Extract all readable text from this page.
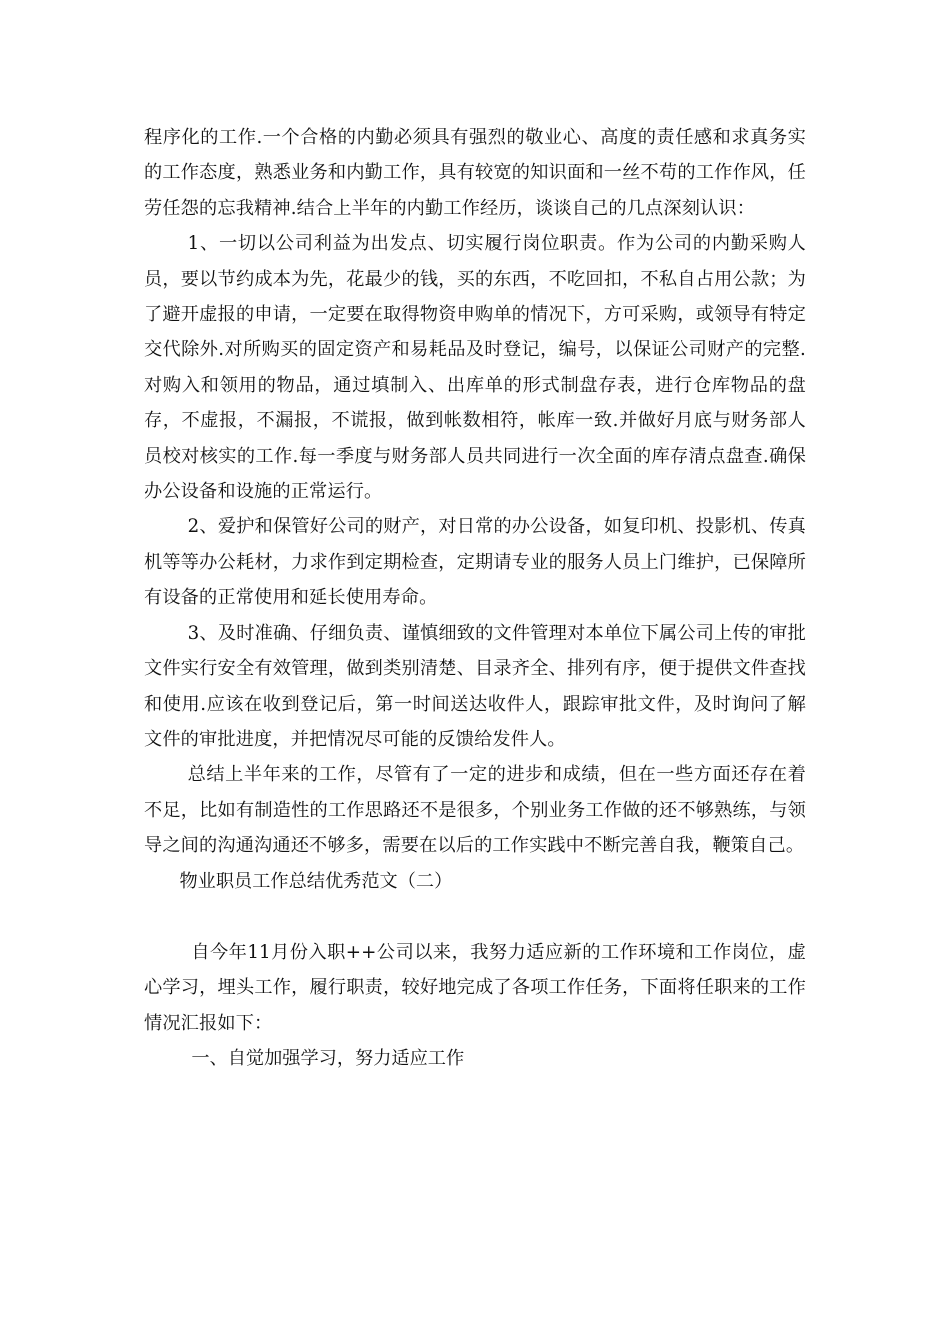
程序化的工作.一个合格的内勤必须具有强烈的敬业心、高度的责任感和求真务实的工作态度，熟悉业务和内勤工作，具有较宽的知识面和一丝不苟的工作作风，任劳任怨的忘我精神.结合上半年的内勤工作经历，谈谈自己的几点深刻认识：

1、一切以公司利益为出发点、切实履行岗位职责。作为公司的内勤采购人员，要以节约成本为先，花最少的钱，买的东西，不吃回扣，不私自占用公款；为了避开虚报的申请，一定要在取得物资申购单的情况下，方可采购，或领导有特定交代除外.对所购买的固定资产和易耗品及时登记，编号，以保证公司财产的完整.对购入和领用的物品，通过填制入、出库单的形式制盘存表，进行仓库物品的盘存，不虚报，不漏报，不谎报，做到帐数相符，帐库一致.并做好月底与财务部人员校对核实的工作.每一季度与财务部人员共同进行一次全面的库存清点盘查.确保办公设备和设施的正常运行。

2、爱护和保管好公司的财产，对日常的办公设备，如复印机、投影机、传真机等等办公耗材，力求作到定期检查，定期请专业的服务人员上门维护，已保障所有设备的正常使用和延长使用寿命。

3、及时准确、仔细负责、谨慎细致的文件管理对本单位下属公司上传的审批文件实行安全有效管理，做到类别清楚、目录齐全、排列有序，便于提供文件查找和使用.应该在收到登记后，第一时间送达收件人，跟踪审批文件，及时询问了解文件的审批进度，并把情况尽可能的反馈给发件人。

总结上半年来的工作，尽管有了一定的进步和成绩，但在一些方面还存在着不足，比如有制造性的工作思路还不是很多，个别业务工作做的还不够熟练，与领导之间的沟通沟通还不够多，需要在以后的工作实践中不断完善自我，鞭策自己。

物业职员工作总结优秀范文（二）

自今年11月份入职++公司以来，我努力适应新的工作环境和工作岗位，虚心学习，埋头工作，履行职责，较好地完成了各项工作任务，下面将任职来的工作情况汇报如下：

一、自觉加强学习，努力适应工作
